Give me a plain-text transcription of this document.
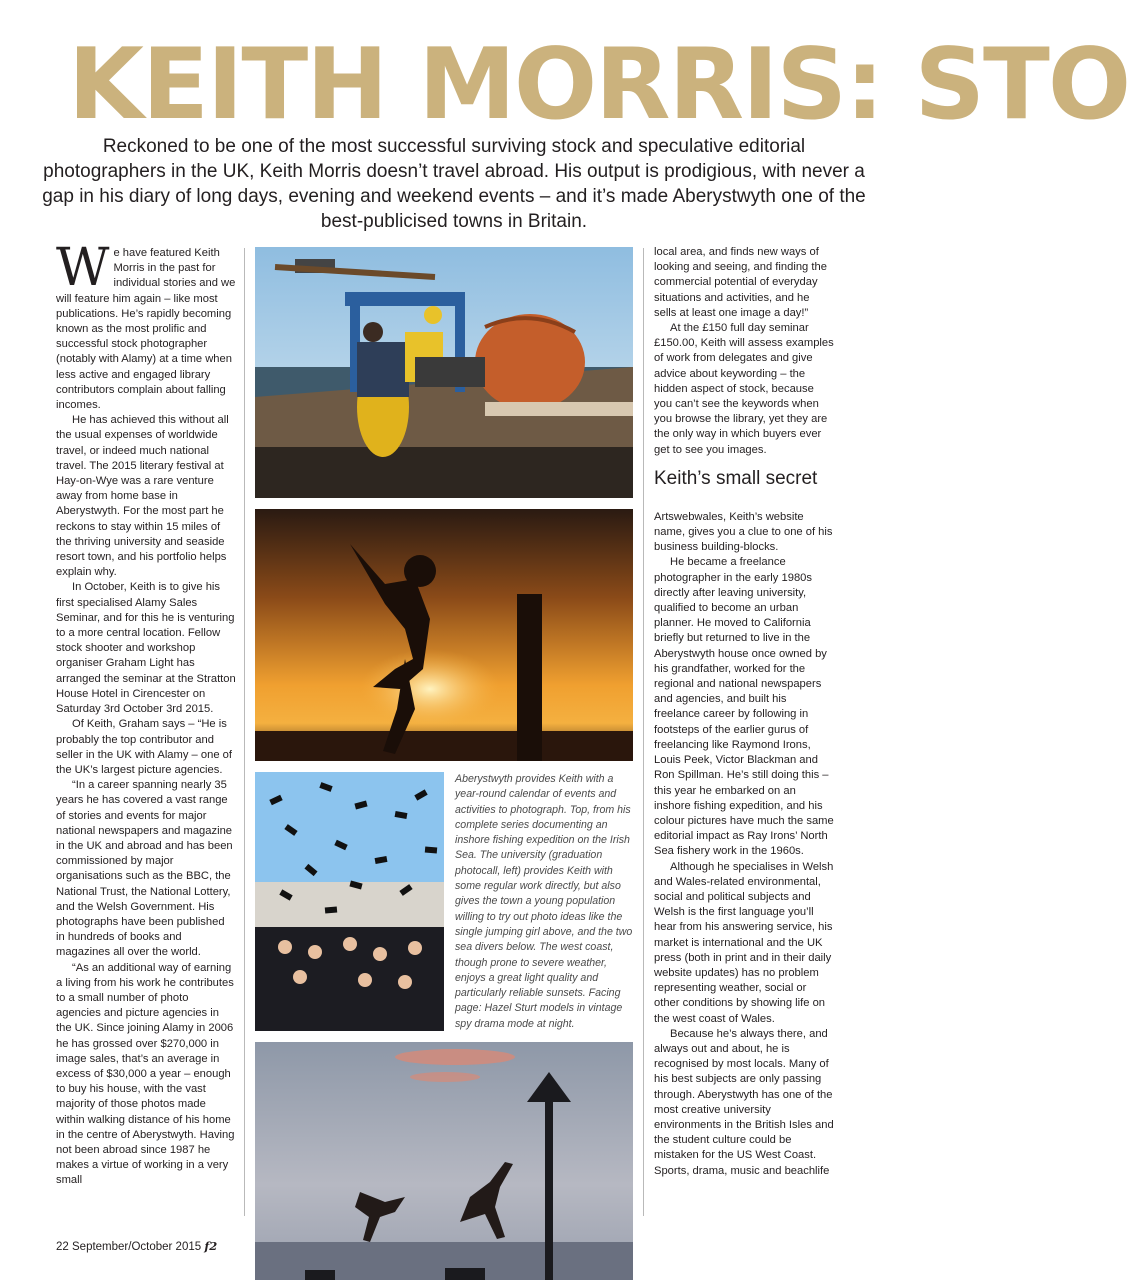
KEITH MORRIS: STO

Reckoned to be one of the most successful surviving stock and speculative editorial photographers in the UK, Keith Morris doesn’t travel abroad. His output is prodigious, with never a gap in his diary of long days, evening and weekend events – and it’s made Aberystwyth one of the best-publicised towns in Britain.

W e have featured Keith Morris in the past for individual stories and we will feature him again – like most publications. He’s rapidly becoming known as the most prolific and successful stock photographer (notably with Alamy) at a time when less active and engaged library contributors complain about falling incomes.

He has achieved this without all the usual expenses of worldwide travel, or indeed much national travel. The 2015 literary festival at Hay-on-Wye was a rare venture away from home base in Aberystwyth. For the most part he reckons to stay within 15 miles of the thriving university and seaside resort town, and his portfolio helps explain why.

In October, Keith is to give his first specialised Alamy Sales Seminar, and for this he is venturing to a more central location. Fellow stock shooter and workshop organiser Graham Light has arranged the seminar at the Stratton House Hotel in Cirencester on Saturday 3rd October 3rd 2015.

Of Keith, Graham says – “He is probably the top contributor and seller in the UK with Alamy – one of the UK’s largest picture agencies.

“In a career spanning nearly 35 years he has covered a vast range of stories and events for major national newspapers and magazine in the UK and abroad and has been commissioned by major organisations such as the BBC, the National Trust, the National Lottery, and the Welsh Government. His photographs have been published in hundreds of books and magazines all over the world.

“As an additional way of earning a living from his work he contributes to a small number of photo agencies and picture agencies in the UK. Since joining Alamy in 2006 he has grossed over $270,000 in image sales, that’s an average in excess of $30,000 a year – enough to buy his house, with the vast majority of those photos made within walking distance of his home in the centre of Aberystwyth. Having not been abroad since 1987 he makes a virtue of working in a very small

Aberystwyth provides Keith with a year-round calendar of events and activities to photograph. Top, from his complete series documenting an inshore fishing expedition on the Irish Sea. The university (graduation photocall, left) provides Keith with some regular work directly, but also gives the town a young population willing to try out photo ideas like the single jumping girl above, and the two sea divers below. The west coast, though prone to severe weather, enjoys a great light quality and particularly reliable sunsets. Facing page: Hazel Sturt models in vintage spy drama mode at night.

local area, and finds new ways of looking and seeing, and finding the commercial potential of everyday situations and activities, and he sells at least one image a day!”

At the £150 full day seminar £150.00, Keith will assess examples of work from delegates and give advice about keywording – the hidden aspect of stock, because you can’t see the keywords when you browse the library, yet they are the only way in which buyers ever get to see you images.

Keith’s small secret

Artswebwales, Keith’s website name, gives you a clue to one of his business building-blocks.

He became a freelance photographer in the early 1980s directly after leaving university, qualified to become an urban planner. He moved to California briefly but returned to live in the Aberystwyth house once owned by his grandfather, worked for the regional and national newspapers and agencies, and built his freelance career by following in footsteps of the earlier gurus of freelancing like Raymond Irons, Louis Peek, Victor Blackman and Ron Spillman. He’s still doing this – this year he embarked on an inshore fishing expedition, and his colour pictures have much the same editorial impact as Ray Irons’ North Sea fishery work in the 1960s.

Although he specialises in Welsh and Wales-related environmental, social and political subjects and Welsh is the first language you’ll hear from his answering service, his market is international and the UK press (both in print and in their daily website updates) has no problem representing weather, social or other conditions by showing life on the west coast of Wales.

Because he’s always there, and always out and about, he is recognised by most locals. Many of his best subjects are only passing through. Aberystwyth has one of the most creative university environments in the British Isles and the student culture could be mistaken for the US West Coast. Sports, drama, music and beachlife

22 September/October 2015 f2
